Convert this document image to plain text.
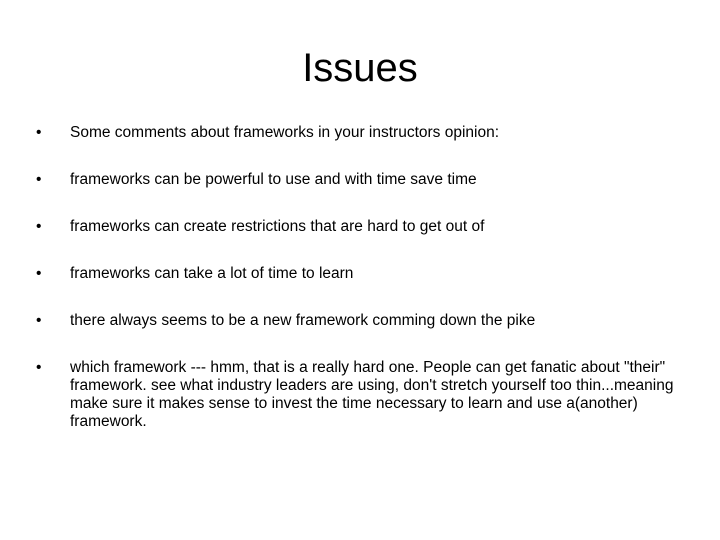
Issues
•	Some comments about frameworks in your instructors opinion:
•	frameworks can be powerful to use and with time save time
•	frameworks can create restrictions that are hard to get out of
•	frameworks can take a lot of time to learn
•	there always seems to be a new framework comming down the pike
•	which framework --- hmm, that is a really hard one. People can get fanatic about "their" framework. see what industry leaders are using, don't stretch yourself too thin...meaning make sure it makes sense to invest the time necessary to learn and use a(another) framework.
